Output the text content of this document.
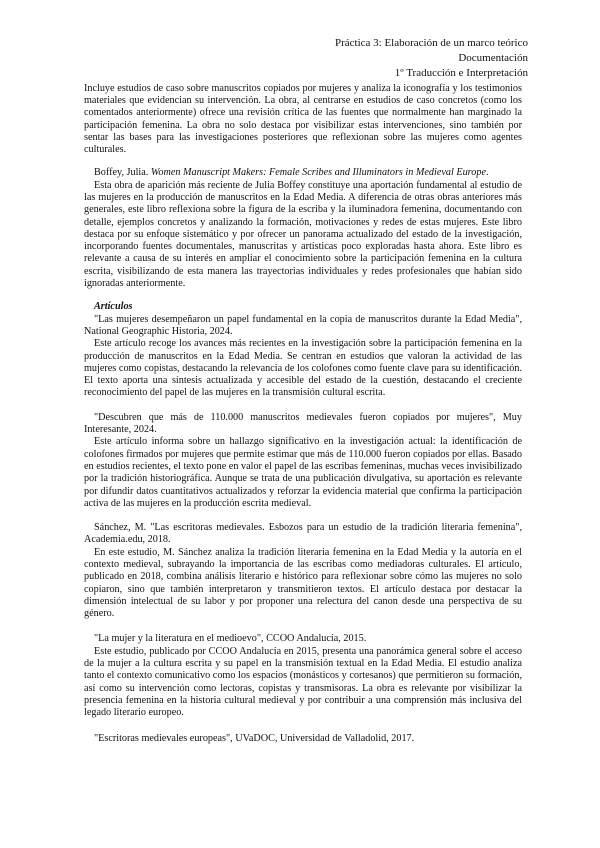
Práctica 3: Elaboración de un marco teórico
Documentación
1º Traducción e Interpretación

Incluye estudios de caso sobre manuscritos copiados por mujeres y analiza la iconografía y los testimonios materiales que evidencian su intervención. La obra, al centrarse en estudios de caso concretos (como los comentados anteriormente) ofrece una revisión crítica de las fuentes que normalmente han marginado la participación femenina. La obra no solo destaca por visibilizar estas intervenciones, sino también por sentar las bases para las investigaciones posteriores que reflexionan sobre las mujeres como agentes culturales.

Boffey, Julia. Women Manuscript Makers: Female Scribes and Illuminators in Medieval Europe.

Esta obra de aparición más reciente de Julia Boffey constituye una aportación fundamental al estudio de las mujeres en la producción de manuscritos en la Edad Media. A diferencia de otras obras anteriores más generales, este libro reflexiona sobre la figura de la escriba y la iluminadora femenina, documentando con detalle, ejemplos concretos y analizando la formación, motivaciones y redes de estas mujeres. Este libro destaca por su enfoque sistemático y por ofrecer un panorama actualizado del estado de la investigación, incorporando fuentes documentales, manuscritas y artísticas poco exploradas hasta ahora. Este libro es relevante a causa de su interés en ampliar el conocimiento sobre la participación femenina en la cultura escrita, visibilizando de esta manera las trayectorias individuales y redes profesionales que habían sido ignoradas anteriormente.

Artículos

"Las mujeres desempeñaron un papel fundamental en la copia de manuscritos durante la Edad Media", National Geographic Historia, 2024.

Este artículo recoge los avances más recientes en la investigación sobre la participación femenina en la producción de manuscritos en la Edad Media. Se centran en estudios que valoran la actividad de las mujeres como copistas, destacando la relevancia de los colofones como fuente clave para su identificación. El texto aporta una síntesis actualizada y accesible del estado de la cuestión, destacando el creciente reconocimiento del papel de las mujeres en la transmisión cultural escrita.

"Descubren que más de 110.000 manuscritos medievales fueron copiados por mujeres", Muy Interesante, 2024.

Este artículo informa sobre un hallazgo significativo en la investigación actual: la identificación de colofones firmados por mujeres que permite estimar que más de 110.000 fueron copiados por ellas. Basado en estudios recientes, el texto pone en valor el papel de las escribas femeninas, muchas veces invisibilizado por la tradición historiográfica. Aunque se trata de una publicación divulgativa, su aportación es relevante por difundir datos cuantitativos actualizados y reforzar la evidencia material que confirma la participación activa de las mujeres en la producción escrita medieval.

Sánchez, M. "Las escritoras medievales. Esbozos para un estudio de la tradición literaria femenina", Academia.edu, 2018.

En este estudio, M. Sánchez analiza la tradición literaria femenina en la Edad Media y la autoría en el contexto medieval, subrayando la importancia de las escribas como mediadoras culturales. El artículo, publicado en 2018, combina análisis literario e histórico para reflexionar sobre cómo las mujeres no solo copiaron, sino que también interpretaron y transmitieron textos. El artículo destaca por destacar la dimensión intelectual de su labor y por proponer una relectura del canon desde una perspectiva de su género.

"La mujer y la literatura en el medioevo", CCOO Andalucía, 2015.

Este estudio, publicado por CCOO Andalucía en 2015, presenta una panorámica general sobre el acceso de la mujer a la cultura escrita y su papel en la transmisión textual en la Edad Media. El estudio analiza tanto el contexto comunicativo como los espacios (monásticos y cortesanos) que permitieron su formación, así como su intervención como lectoras, copistas y transmisoras. La obra es relevante por visibilizar la presencia femenina en la historia cultural medieval y por contribuir a una comprensión más inclusiva del legado literario europeo.

"Escritoras medievales europeas", UVaDOC, Universidad de Valladolid, 2017.
